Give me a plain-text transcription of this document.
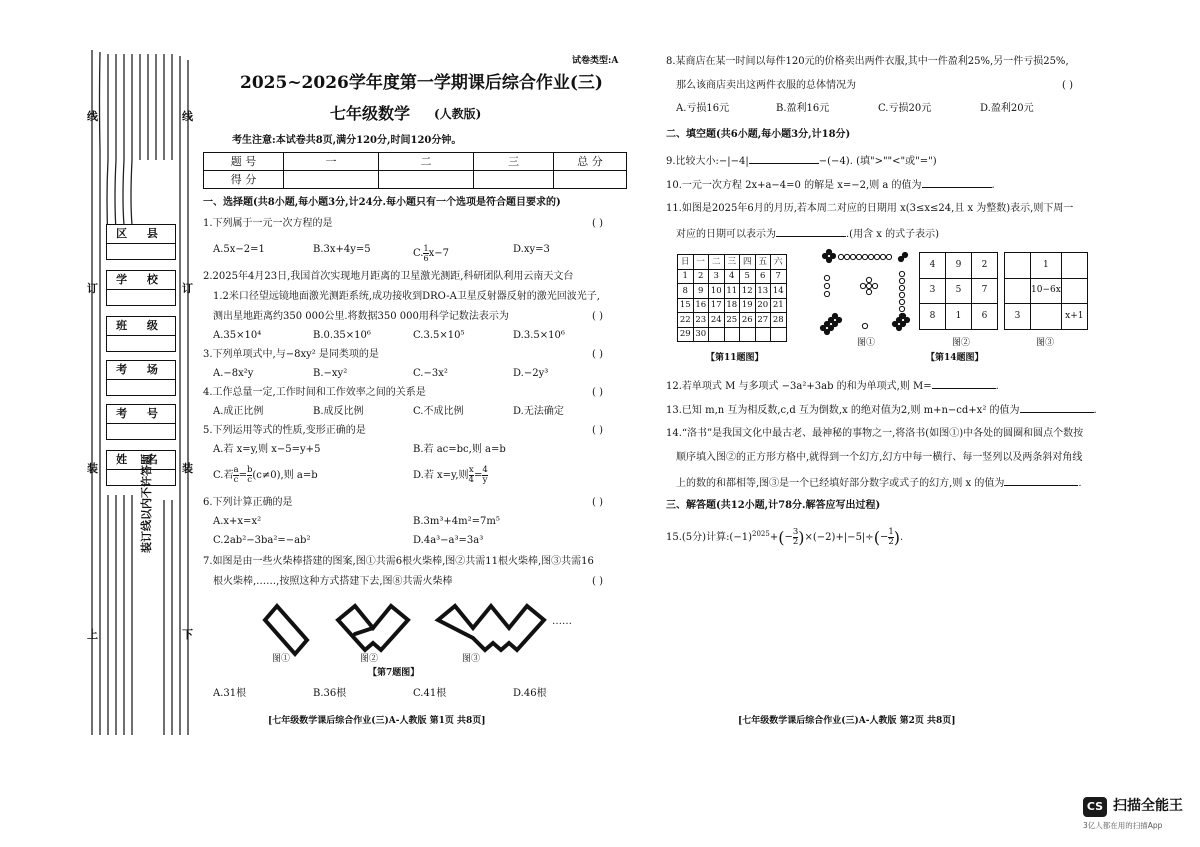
线	线
订	订
装	装
上	下
区 县
学 校
班 级
考 场
考 号
姓 名
装订线以内不许答题
试卷类型:A
2025~2026学年度第一学期课后综合作业(三)
七年级数学 (人教版)
考生注意:本试卷共8页,满分120分,时间120分钟。
题 号	一	二	三	总 分
得 分				
一、选择题(共8小题,每小题3分,计24分.每小题只有一个选项是符合题目要求的)
1.下列属于一元一次方程的是	( )
A.5x−2=1	B.3x+4y=5	C. $\frac{1}{6} x-7$	D.xy=3
2.2025年4月23日,我国首次实现地月距离的卫星激光测距,科研团队利用云南天文台
1.2米口径望远镜地面激光测距系统,成功接收到DRO-A卫星反射器反射的激光回波光子,
测出星地距离约350 000公里.将数据350 000用科学记数法表示为	( )
A.35×10⁴	B.0.35×10⁶	C.3.5×10⁵	D.3.5×10⁶
3.下列单项式中,与−8xy² 是同类项的是	( )
A.−8x²y	B.−xy²	C.−3x²	D.−2y³
4.工作总量一定,工作时间和工作效率之间的关系是	( )
A.成正比例	B.成反比例	C.不成比例	D.无法确定
5.下列运用等式的性质,变形正确的是	( )
A.若 x=y,则 x−5=y+5	B.若 ac=bc,则 a=b
C.若 $\frac{a}{c} = \frac{b}{c} (c\ne 0)$,则 a=b	D.若 x=y,则 $\frac{x}{4} = \frac{4}{y}$
6.下列计算正确的是	( )
A.x+x=x²	B.3m³+4m²=7m⁵
C.2ab²−3ba²=−ab²	D.4a³−a³=3a³
7.如图是由一些火柴棒搭建的图案,图①共需6根火柴棒,图②共需11根火柴棒,图③共需16
根火柴棒,……,按照这种方式搭建下去,图⑧共需火柴棒	( )
……
图①	图②	图③
【第7题图】
A.31根	B.36根	C.41根	D.46根
[七年级数学课后综合作业(三)A-人教版 第1页 共8页]
8.某商店在某一时间以每件120元的价格卖出两件衣服,其中一件盈利25%,另一件亏损25%,
那么该商店卖出这两件衣服的总体情况为	( )
A.亏损16元	B.盈利16元	C.亏损20元	D.盈利20元
二、填空题(共6小题,每小题3分,计18分)
9.比较大小:−|−4|	−(−4). (填">""<"或"=")
10.一元一次方程 2x+a−4=0 的解是 x=−2,则 a 的值为	.
11.如图是2025年6月的月历,若本周二对应的日期用 x(3≤x≤24,且 x 为整数)表示,则下周一
对应的日期可以表示为	.(用含 x 的式子表示)
日	一	二	三	四	五	六
1	2	3	4	5	6	7
8	9	10	11	12	13	14
15	16	17	18	19	20	21
22	23	24	25	26	27	28
29	30					
【第11题图】
图①
4	9	2
3	5	7
8	1	6
图②
【第14题图】
	1	
	10−6x	
3		x+1
图③
12.若单项式 M 与多项式 −3a²+3ab 的和为单项式,则 M=	.
13.已知 m,n 互为相反数,c,d 互为倒数,x 的绝对值为2,则 m+n−cd+x² 的值为	.
14.“洛书”是我国文化中最古老、最神秘的事物之一,将洛书(如图①)中各处的圆圈和圆点个数按
顺序填入图②的正方形方格中,就得到一个幻方,幻方中每一横行、每一竖列以及两条斜对角线
上的数的和都相等,图③是一个已经填好部分数字或式子的幻方,则 x 的值为	.
三、解答题(共12小题,计78分.解答应写出过程)
15.(5分)计算$:(-1)^{2025}+(- \frac{3}{2} )\times(-2)+|-5|\div(- \frac{1}{2}$ ).
[七年级数学课后综合作业(三)A-人教版 第2页 共8页]
CS 扫描全能王
3亿人都在用的扫描App
